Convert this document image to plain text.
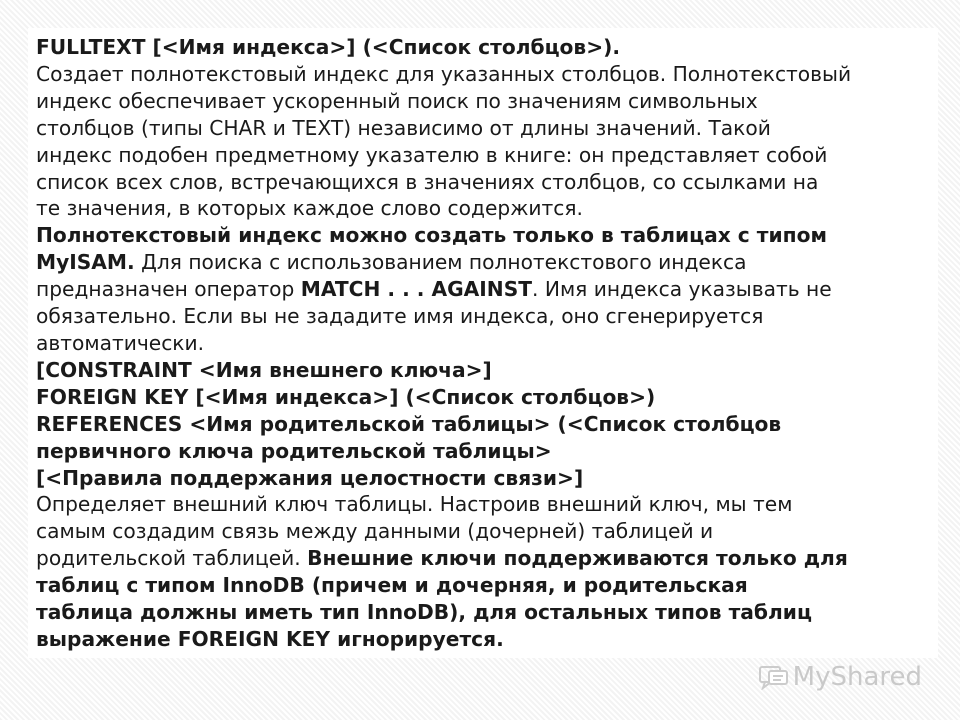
FULLTEXT [<Имя индекса>] (<Список столбцов>).

Создает полнотекстовый индекс для указанных столбцов. Полнотекстовый

индекс обеспечивает ускоренный поиск по значениям символьных

столбцов (типы CHAR и TEXT) независимо от длины значений. Такой

индекс подобен предметному указателю в книге: он представляет собой

список всех слов, встречающихся в значениях столбцов, со ссылками на

те значения, в которых каждое слово содержится.

Полнотекстовый индекс можно создать только в таблицах с типом

MyISAM. Для поиска с использованием полнотекстового индекса

предназначен оператор MATCH . . . AGAINST. Имя индекса указывать не

обязательно. Если вы не зададите имя индекса, оно сгенерируется

автоматически.

[CONSTRAINT <Имя внешнего ключа>]

FOREIGN KEY [<Имя индекса>] (<Список столбцов>)

REFERENCES <Имя родительской таблицы> (<Список столбцов

первичного ключа родительской таблицы>

[<Правила поддержания целостности связи>]

Определяет внешний ключ таблицы. Настроив внешний ключ, мы тем

самым создадим связь между данными (дочерней) таблицей и

родительской таблицей. Внешние ключи поддерживаются только для

таблиц с типом InnoDB (причем и дочерняя, и родительская

таблица должны иметь тип InnoDB), для остальных типов таблиц

выражение FOREIGN KEY игнорируется.

MyShared
